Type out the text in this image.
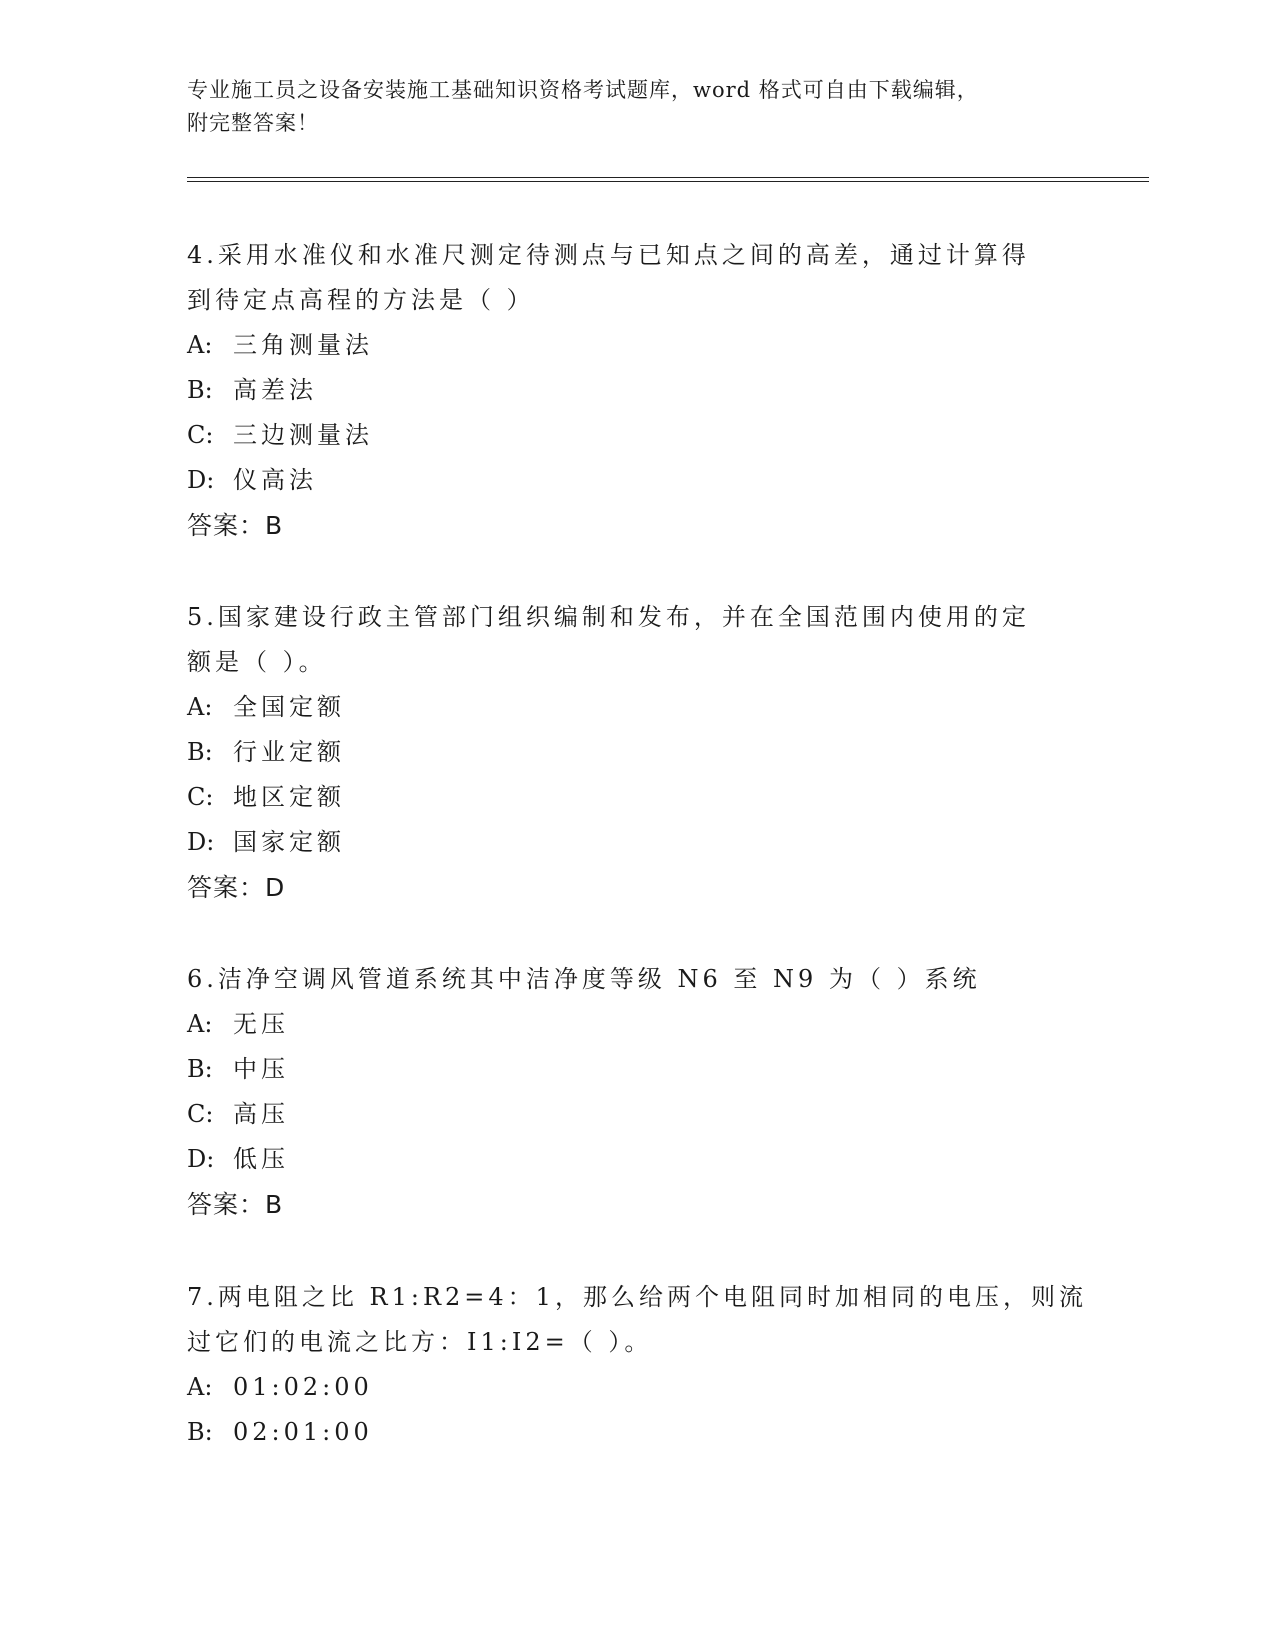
专业施工员之设备安装施工基础知识资格考试题库，word 格式可自由下载编辑，
附完整答案！

4.采用水准仪和水准尺测定待测点与已知点之间的高差，通过计算得

到待定点高程的方法是（ ）

A: 三角测量法

B: 高差法

C: 三边测量法

D: 仪高法

答案：B

5.国家建设行政主管部门组织编制和发布，并在全国范围内使用的定

额是（ ）。

A: 全国定额

B: 行业定额

C: 地区定额

D: 国家定额

答案：D

6.洁净空调风管道系统其中洁净度等级 N6 至 N9 为（ ）系统

A: 无压

B: 中压

C: 高压

D: 低压

答案：B

7.两电阻之比 R1:R2=4：1，那么给两个电阻同时加相同的电压，则流

过它们的电流之比方：I1:I2=（ ）。

A: 01:02:00

B: 02:01:00
